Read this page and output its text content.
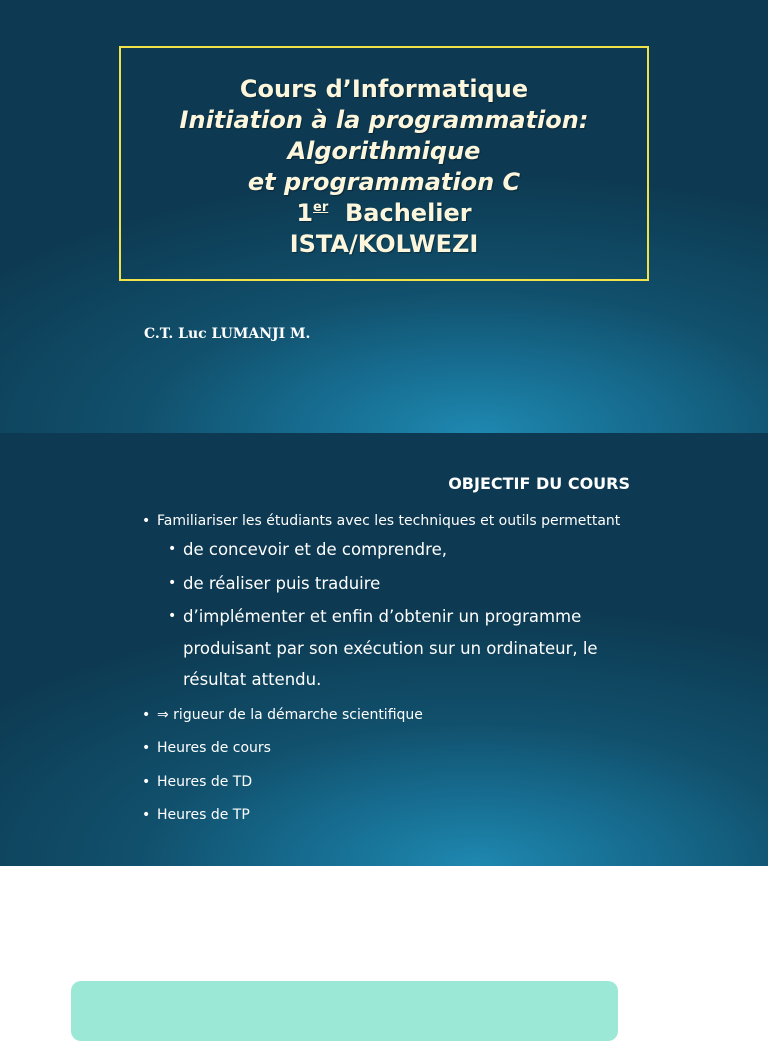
Cours d’Informatique
Initiation à la programmation:
Algorithmique
et programmation C
1er Bachelier
ISTA/KOLWEZI
C.T. Luc LUMANJI M.
OBJECTIF DU COURS
• Familiariser les étudiants avec les techniques et outils permettant
• de concevoir et de comprendre,
• de réaliser puis traduire
• d’implémenter et enfin d’obtenir un programme produisant par son exécution sur un ordinateur, le résultat attendu.
• ⇒ rigueur de la démarche scientifique
• Heures de cours
• Heures de TD
• Heures de TP
